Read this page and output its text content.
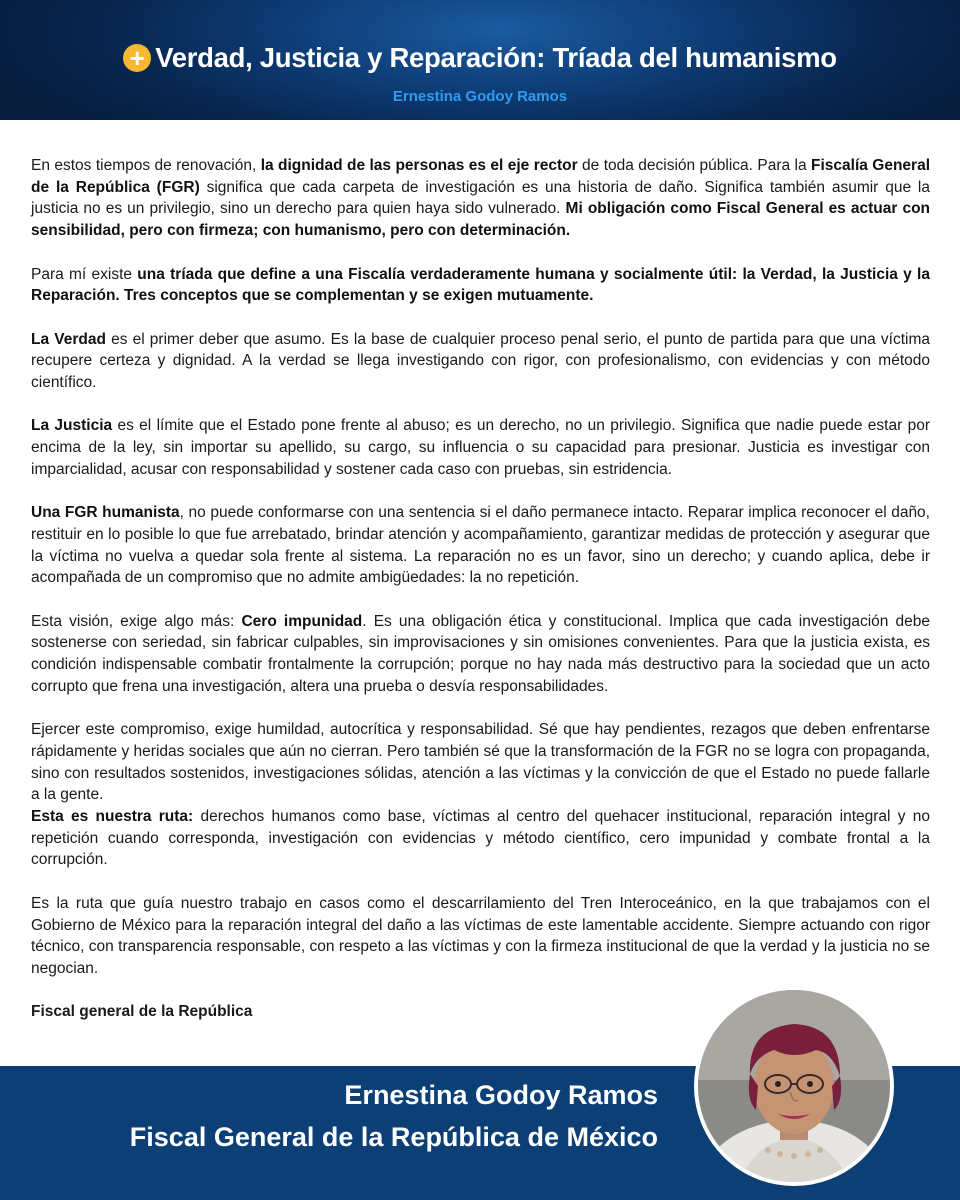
+ Verdad, Justicia y Reparación: Tríada del humanismo
Ernestina Godoy Ramos

En estos tiempos de renovación, la dignidad de las personas es el eje rector de toda decisión pública. Para la Fiscalía General de la República (FGR) significa que cada carpeta de investigación es una historia de daño. Significa también asumir que la justicia no es un privilegio, sino un derecho para quien haya sido vulnerado. Mi obligación como Fiscal General es actuar con sensibilidad, pero con firmeza; con humanismo, pero con determinación.

Para mí existe una tríada que define a una Fiscalía verdaderamente humana y socialmente útil: la Verdad, la Justicia y la Reparación. Tres conceptos que se complementan y se exigen mutuamente.

La Verdad es el primer deber que asumo. Es la base de cualquier proceso penal serio, el punto de partida para que una víctima recupere certeza y dignidad. A la verdad se llega investigando con rigor, con profesionalismo, con evidencias y con método científico.

La Justicia es el límite que el Estado pone frente al abuso; es un derecho, no un privilegio. Significa que nadie puede estar por encima de la ley, sin importar su apellido, su cargo, su influencia o su capacidad para presionar. Justicia es investigar con imparcialidad, acusar con responsabilidad y sostener cada caso con pruebas, sin estridencia.

Una FGR humanista, no puede conformarse con una sentencia si el daño permanece intacto. Reparar implica reconocer el daño, restituir en lo posible lo que fue arrebatado, brindar atención y acompañamiento, garantizar medidas de protección y asegurar que la víctima no vuelva a quedar sola frente al sistema. La reparación no es un favor, sino un derecho; y cuando aplica, debe ir acompañada de un compromiso que no admite ambigüedades: la no repetición.

Esta visión, exige algo más: Cero impunidad. Es una obligación ética y constitucional. Implica que cada investigación debe sostenerse con seriedad, sin fabricar culpables, sin improvisaciones y sin omisiones convenientes. Para que la justicia exista, es condición indispensable combatir frontalmente la corrupción; porque no hay nada más destructivo para la sociedad que un acto corrupto que frena una investigación, altera una prueba o desvía responsabilidades.

Ejercer este compromiso, exige humildad, autocrítica y responsabilidad. Sé que hay pendientes, rezagos que deben enfrentarse rápidamente y heridas sociales que aún no cierran. Pero también sé que la transformación de la FGR no se logra con propaganda, sino con resultados sostenidos, investigaciones sólidas, atención a las víctimas y la convicción de que el Estado no puede fallarle a la gente.

Esta es nuestra ruta: derechos humanos como base, víctimas al centro del quehacer institucional, reparación integral y no repetición cuando corresponda, investigación con evidencias y método científico, cero impunidad y combate frontal a la corrupción.

Es la ruta que guía nuestro trabajo en casos como el descarrilamiento del Tren Interoceánico, en la que trabajamos con el Gobierno de México para la reparación integral del daño a las víctimas de este lamentable accidente. Siempre actuando con rigor técnico, con transparencia responsable, con respeto a las víctimas y con la firmeza institucional de que la verdad y la justicia no se negocian.

Fiscal general de la República

Ernestina Godoy Ramos
Fiscal General de la República de México
